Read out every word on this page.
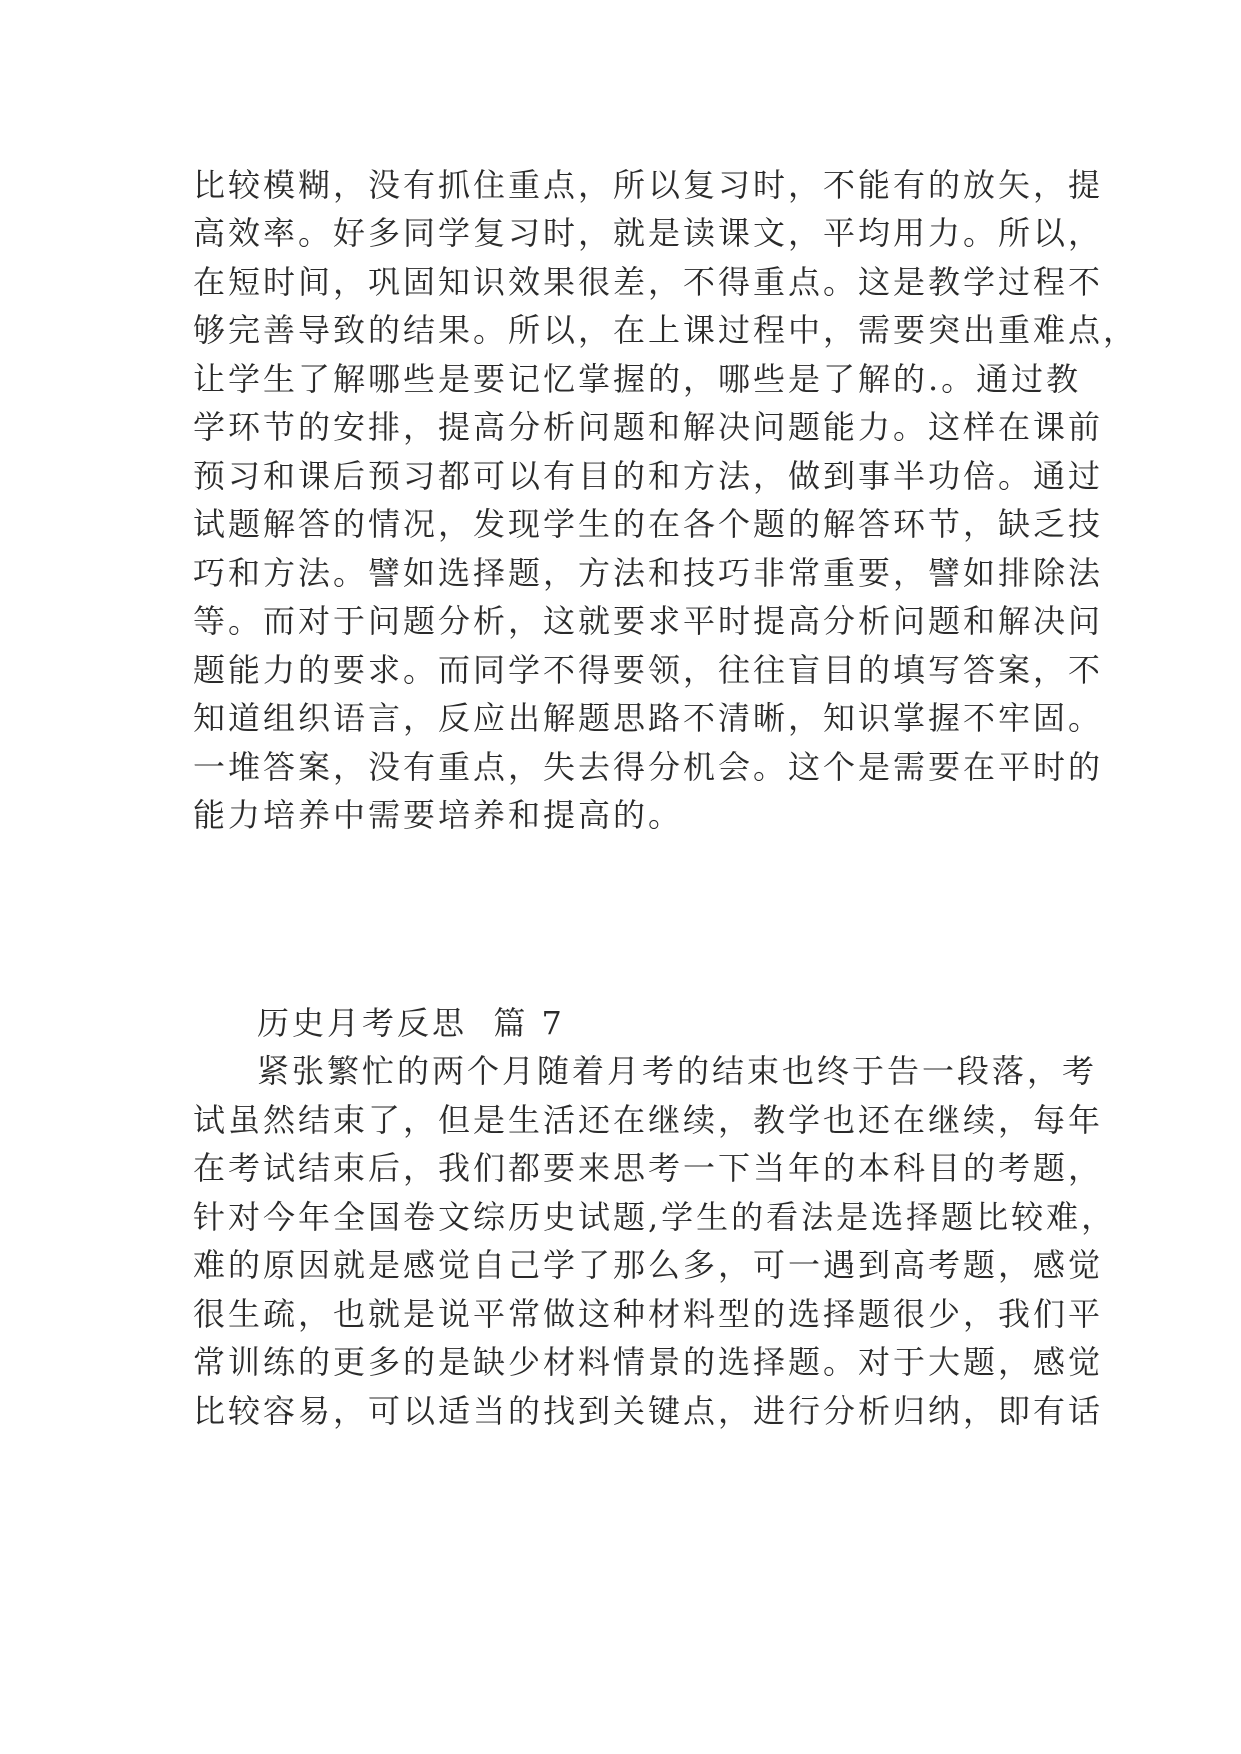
比较模糊，没有抓住重点，所以复习时，不能有的放矢，提
高效率。好多同学复习时，就是读课文，平均用力。所以，
在短时间，巩固知识效果很差，不得重点。这是教学过程不
够完善导致的结果。所以，在上课过程中，需要突出重难点，
让学生了解哪些是要记忆掌握的，哪些是了解的.。通过教
学环节的安排，提高分析问题和解决问题能力。这样在课前
预习和课后预习都可以有目的和方法，做到事半功倍。通过
试题解答的情况，发现学生的在各个题的解答环节，缺乏技
巧和方法。譬如选择题，方法和技巧非常重要，譬如排除法
等。而对于问题分析，这就要求平时提高分析问题和解决问
题能力的要求。而同学不得要领，往往盲目的填写答案，不
知道组织语言，反应出解题思路不清晰，知识掌握不牢固。
一堆答案，没有重点，失去得分机会。这个是需要在平时的
能力培养中需要培养和提高的。
历史月考反思  篇 7
紧张繁忙的两个月随着月考的结束也终于告一段落，考
试虽然结束了，但是生活还在继续，教学也还在继续，每年
在考试结束后，我们都要来思考一下当年的本科目的考题，
针对今年全国卷文综历史试题,学生的看法是选择题比较难，
难的原因就是感觉自己学了那么多，可一遇到高考题，感觉
很生疏，也就是说平常做这种材料型的选择题很少，我们平
常训练的更多的是缺少材料情景的选择题。对于大题，感觉
比较容易，可以适当的找到关键点，进行分析归纳，即有话
